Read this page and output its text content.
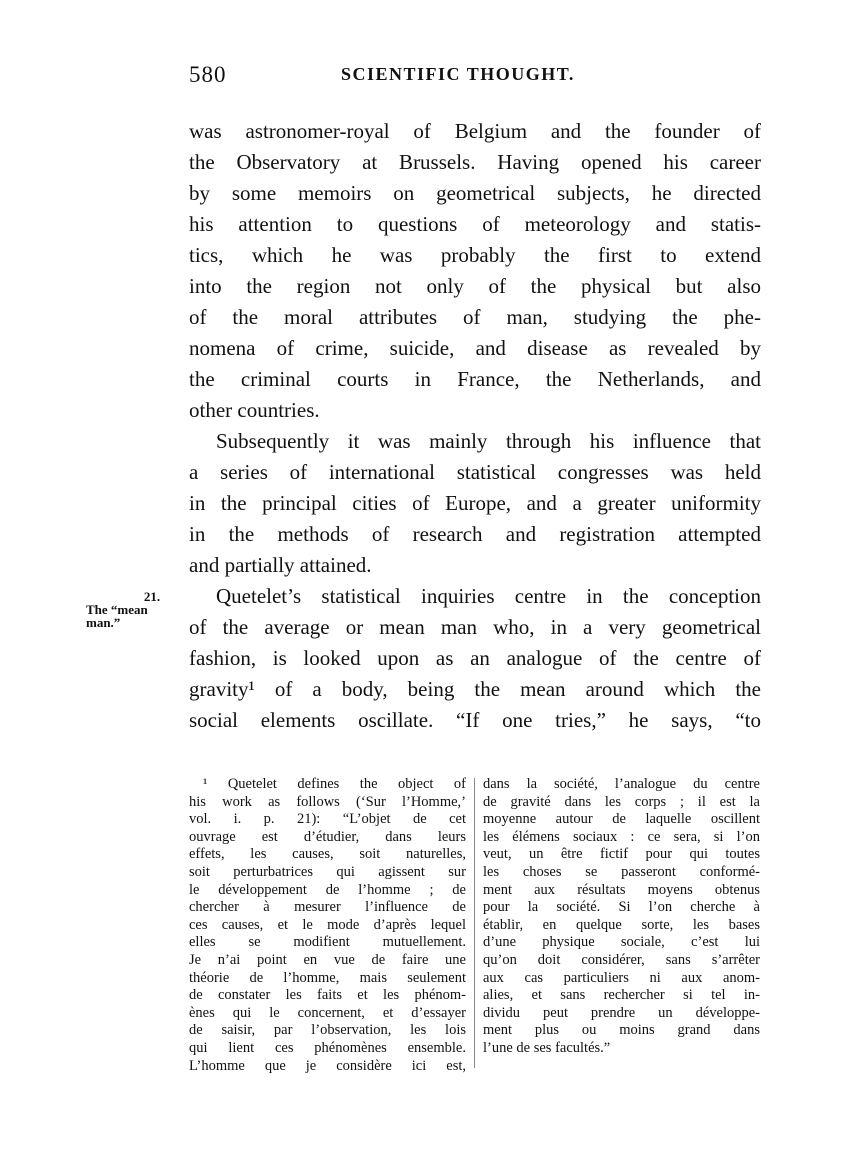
580	SCIENTIFIC THOUGHT.
21.
The “mean
man.”
was astronomer-royal of Belgium and the founder of
the Observatory at Brussels. Having opened his career
by some memoirs on geometrical subjects, he directed
his attention to questions of meteorology and statis-
tics, which he was probably the first to extend
into the region not only of the physical but also
of the moral attributes of man, studying the phe-
nomena of crime, suicide, and disease as revealed by
the criminal courts in France, the Netherlands, and
other countries.
Subsequently it was mainly through his influence that
a series of international statistical congresses was held
in the principal cities of Europe, and a greater uniformity
in the methods of research and registration attempted
and partially attained.
Quetelet’s statistical inquiries centre in the conception
of the average or mean man who, in a very geometrical
fashion, is looked upon as an analogue of the centre of
gravity¹ of a body, being the mean around which the
social elements oscillate. “If one tries,” he says, “to
¹ Quetelet defines the object of
his work as follows (‘Sur l’Homme,’
vol. i. p. 21): “L’objet de cet
ouvrage est d’étudier, dans leurs
effets, les causes, soit naturelles,
soit perturbatrices qui agissent sur
le développement de l’homme ; de
chercher à mesurer l’influence de
ces causes, et le mode d’après lequel
elles se modifient mutuellement.
Je n’ai point en vue de faire une
théorie de l’homme, mais seulement
de constater les faits et les phénom-
ènes qui le concernent, et d’essayer
de saisir, par l’observation, les lois
qui lient ces phénomènes ensemble.
L’homme que je considère ici est,
dans la société, l’analogue du centre
de gravité dans les corps ; il est la
moyenne autour de laquelle oscillent
les élémens sociaux : ce sera, si l’on
veut, un être fictif pour qui toutes
les choses se passeront conformé-
ment aux résultats moyens obtenus
pour la société. Si l’on cherche à
établir, en quelque sorte, les bases
d’une physique sociale, c’est lui
qu’on doit considérer, sans s’arrêter
aux cas particuliers ni aux anom-
alies, et sans rechercher si tel in-
dividu peut prendre un développe-
ment plus ou moins grand dans
l’une de ses facultés.”
